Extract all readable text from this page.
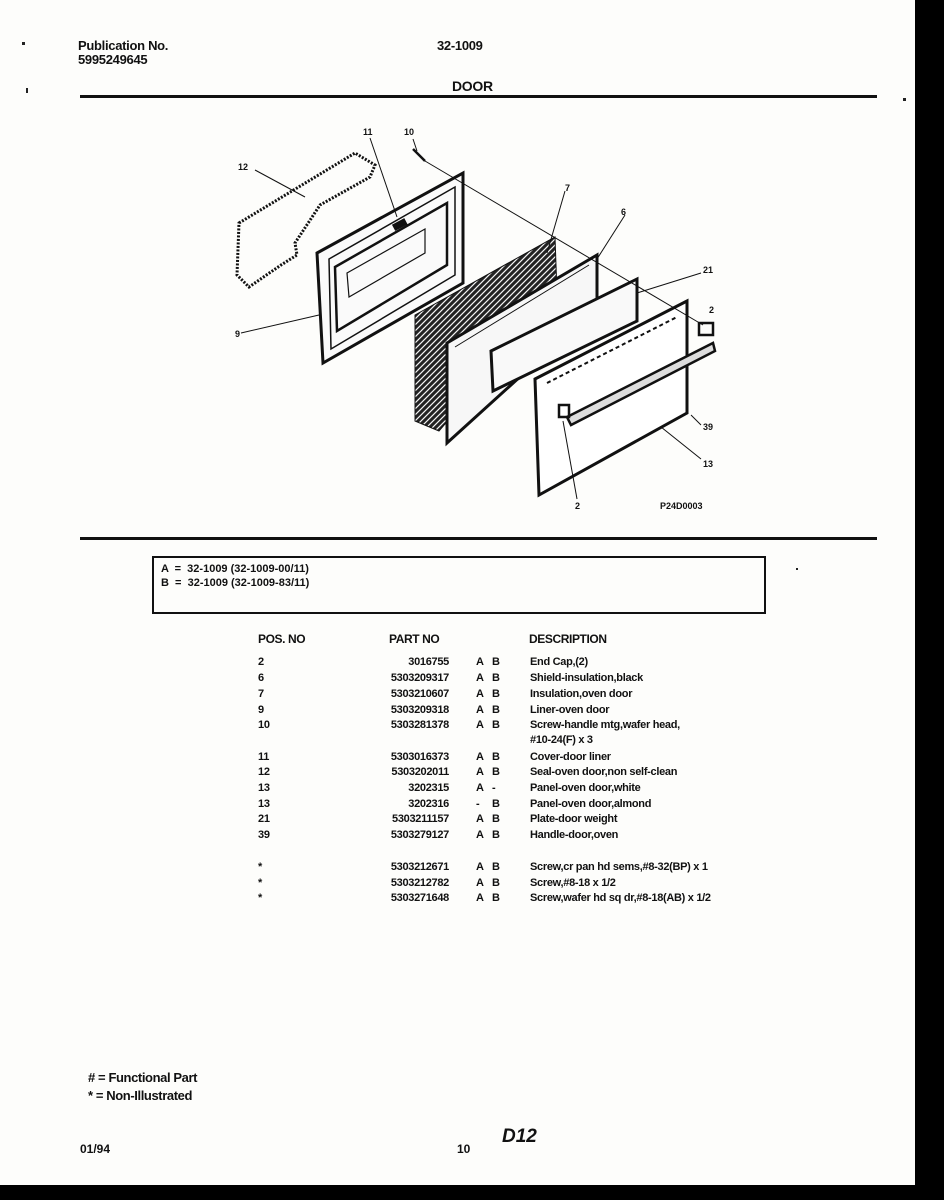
Publication No.
5995249645
32-1009
DOOR
12
11	10
7
6
21
2
9
39
13
2	P24D0003
A  =  32-1009 (32-1009-00/11)
B  =  32-1009 (32-1009-83/11)
POS. NO	PART NO	DESCRIPTION
2	3016755 A B	End Cap,(2)
6	5303209317 A B	Shield-insulation,black
7	5303210607 A B	Insulation,oven door
9	5303209318 A B	Liner-oven door
10	5303281378 A B	Screw-handle mtg,wafer head,
#10-24(F) x 3
11	5303016373 A B	Cover-door liner
12	5303202011 A B	Seal-oven door,non self-clean
13	3202315 A -	Panel-oven door,white
13	3202316 - B	Panel-oven door,almond
21	5303211157 A B	Plate-door weight
39	5303279127 A B	Handle-door,oven
*	5303212671 A B	Screw,cr pan hd sems,#8-32(BP) x 1
*	5303212782 A B	Screw,#8-18 x 1/2
*	5303271648 A B	Screw,wafer hd sq dr,#8-18(AB) x 1/2
# = Functional Part
* = Non-Illustrated
01/94	10
D12
